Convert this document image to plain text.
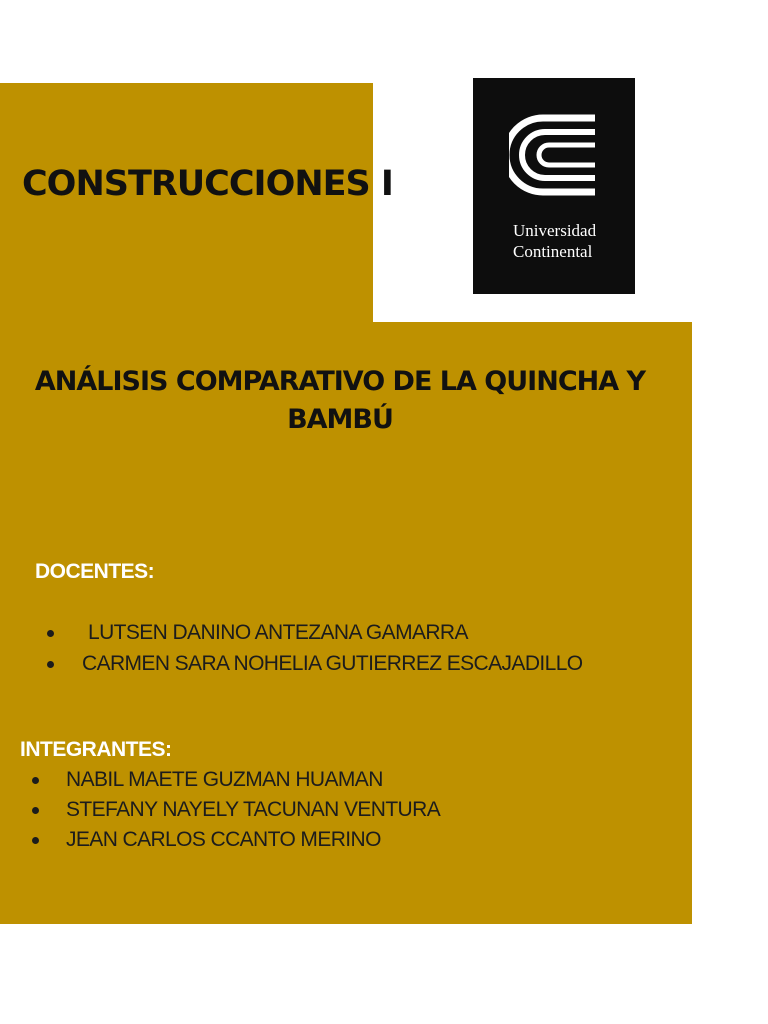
CONSTRUCCIONES I
Universidad
Continental
ANÁLISIS COMPARATIVO DE LA QUINCHA Y BAMBÚ
DOCENTES:
LUTSEN DANINO ANTEZANA GAMARRA
CARMEN SARA NOHELIA GUTIERREZ ESCAJADILLO
INTEGRANTES:
NABIL MAETE GUZMAN HUAMAN
STEFANY NAYELY TACUNAN VENTURA
JEAN CARLOS CCANTO MERINO
